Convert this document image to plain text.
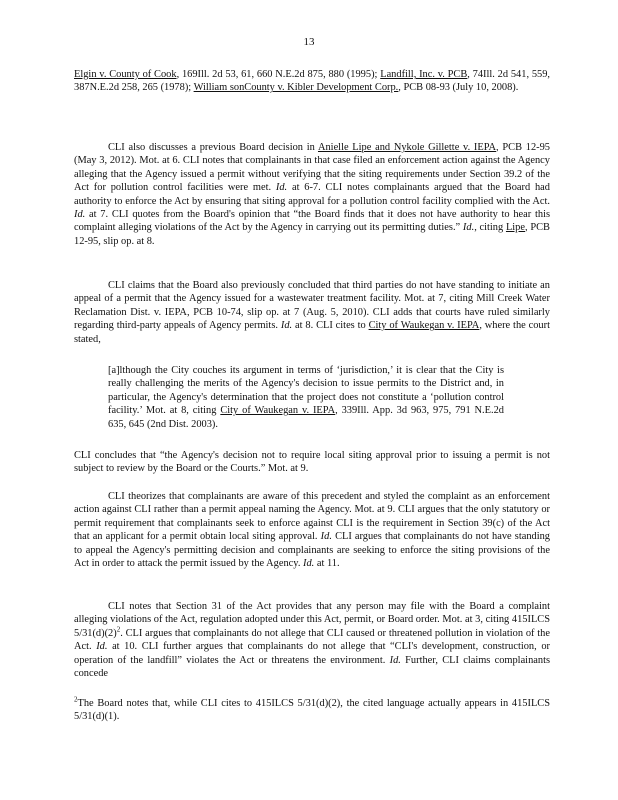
13

Elgin v. County of Cook, 169Ill. 2d 53, 61, 660 N.E.2d 875, 880 (1995); Landfill, Inc. v. PCB, 74Ill. 2d 541, 559, 387N.E.2d 258, 265 (1978); William sonCounty v. Kibler Development Corp., PCB 08-93 (July 10, 2008).

CLI also discusses a previous Board decision in Anielle Lipe and Nykole Gillette v. IEPA, PCB 12-95 (May 3, 2012). Mot. at 6. CLI notes that complainants in that case filed an enforcement action against the Agency alleging that the Agency issued a permit without verifying that the siting requirements under Section 39.2 of the Act for pollution control facilities were met. Id. at 6-7. CLI notes complainants argued that the Board had authority to enforce the Act by ensuring that siting approval for a pollution control facility complied with the Act. Id. at 7. CLI quotes from the Board's opinion that “the Board finds that it does not have authority to hear this complaint alleging violations of the Act by the Agency in carrying out its permitting duties.” Id., citing Lipe, PCB 12-95, slip op. at 8.

CLI claims that the Board also previously concluded that third parties do not have standing to initiate an appeal of a permit that the Agency issued for a wastewater treatment facility. Mot. at 7, citing Mill Creek Water Reclamation Dist. v. IEPA, PCB 10-74, slip op. at 7 (Aug. 5, 2010). CLI adds that courts have ruled similarly regarding third-party appeals of Agency permits. Id. at 8. CLI cites to City of Waukegan v. IEPA, where the court stated,

[a]lthough the City couches its argument in terms of ‘jurisdiction,’ it is clear that the City is really challenging the merits of the Agency's decision to issue permits to the District and, in particular, the Agency's determination that the project does not constitute a ‘pollution control facility.’ Mot. at 8, citing City of Waukegan v. IEPA, 339Ill. App. 3d 963, 975, 791 N.E.2d 635, 645 (2nd Dist. 2003).

CLI concludes that “the Agency's decision not to require local siting approval prior to issuing a permit is not subject to review by the Board or the Courts.” Mot. at 9.

CLI theorizes that complainants are aware of this precedent and styled the complaint as an enforcement action against CLI rather than a permit appeal naming the Agency. Mot. at 9. CLI argues that the only statutory or permit requirement that complainants seek to enforce against CLI is the requirement in Section 39(c) of the Act that an applicant for a permit obtain local siting approval. Id. CLI argues that complainants do not have standing to appeal the Agency's permitting decision and complainants are seeking to enforce the siting provisions of the Act in order to attack the permit issued by the Agency. Id. at 11.

CLI notes that Section 31 of the Act provides that any person may file with the Board a complaint alleging violations of the Act, regulation adopted under this Act, permit, or Board order. Mot. at 3, citing 415ILCS $5/31(d)(2)^2$. CLI argues that complainants do not allege that CLI caused or threatened pollution in violation of the Act. Id. at 10. CLI further argues that complainants do not allege that “CLI's development, construction, or operation of the landfill” violates the Act or threatens the environment. Id. Further, CLI claims complainants concede

$^2$The Board notes that, while CLI cites to 415ILCS 5/31(d)(2), the cited language actually appears in 415ILCS 5/31(d)(1).
